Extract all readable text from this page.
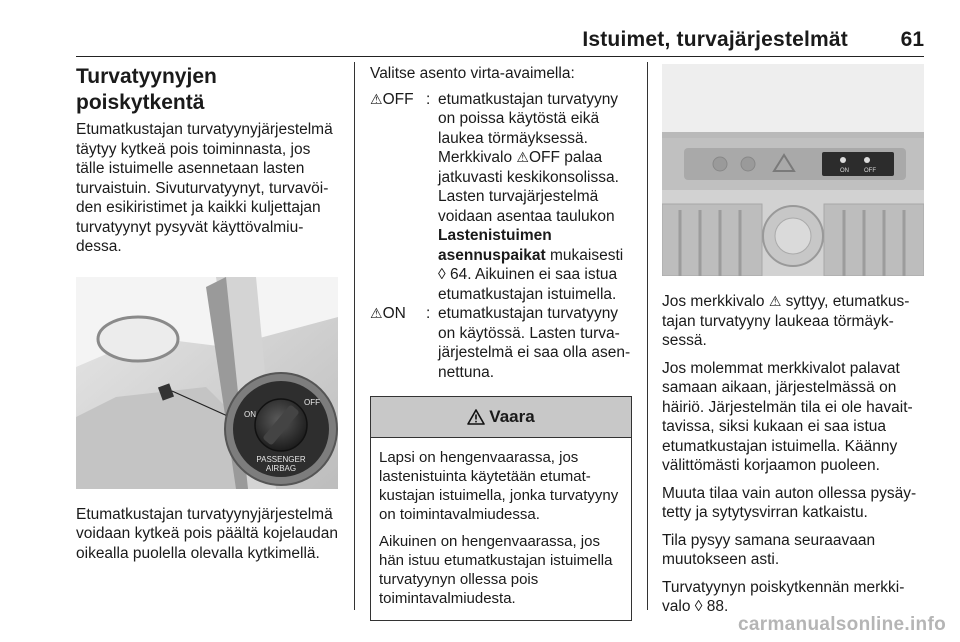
Istuimet, turvajärjestelmät	61
Turvatyynyjen poiskytkentä

Etumatkustajan turvatyynyjärjestelmä täytyy kytkeä pois toiminnasta, jos tälle istuimelle asennetaan lasten turvaistuin. Sivuturvatyynyt, turvavöiden esikiristimet ja kaikki kuljettajan turvatyynyt pysyvät käyttövalmiudessa.

ON
OFF
PASSENGER
AIRBAG

Etumatkustajan turvatyynyjärjestelmä voidaan kytkeä pois päältä kojelaudan oikealla puolella olevalla kytkimellä.

Valitse asento virta-avaimella:

⚠OFF : etumatkustajan turvatyyny on poissa käytöstä eikä laukea törmäyksessä. Merkkivalo ⚠OFF palaa jatkuvasti keskikonsolissa. Lasten turvajärjestelmä voidaan asentaa taulukon Lastenistuimen asennuspaikat mukaisesti ◊ 64. Aikuinen ei saa istua etumatkustajan istuimella.
⚠ON	: etumatkustajan turvatyyny on käytössä. Lasten turvajärjestelmä ei saa olla asennettuna.
Vaara

Lapsi on hengenvaarassa, jos lastenistuinta käytetään etumatkustajan istuimella, jonka turvatyyny on toimintavalmiudessa.

Aikuinen on hengenvaarassa, jos hän istuu etumatkustajan istuimella turvatyynyn ollessa pois toimintavalmiudesta.

ON	OFF

Jos merkkivalo ⚠ syttyy, etumatkustajan turvatyyny laukeaa törmäyksessä.

Jos molemmat merkkivalot palavat samaan aikaan, järjestelmässä on häiriö. Järjestelmän tila ei ole havaittavissa, siksi kukaan ei saa istua etumatkustajan istuimella. Käänny välittömästi korjaamon puoleen.

Muuta tilaa vain auton ollessa pysäytetty ja sytytysvirran katkaistu.

Tila pysyy samana seuraavaan muutokseen asti.

Turvatyynyn poiskytkennän merkkivalo ◊ 88.

carmanualsonline.info
